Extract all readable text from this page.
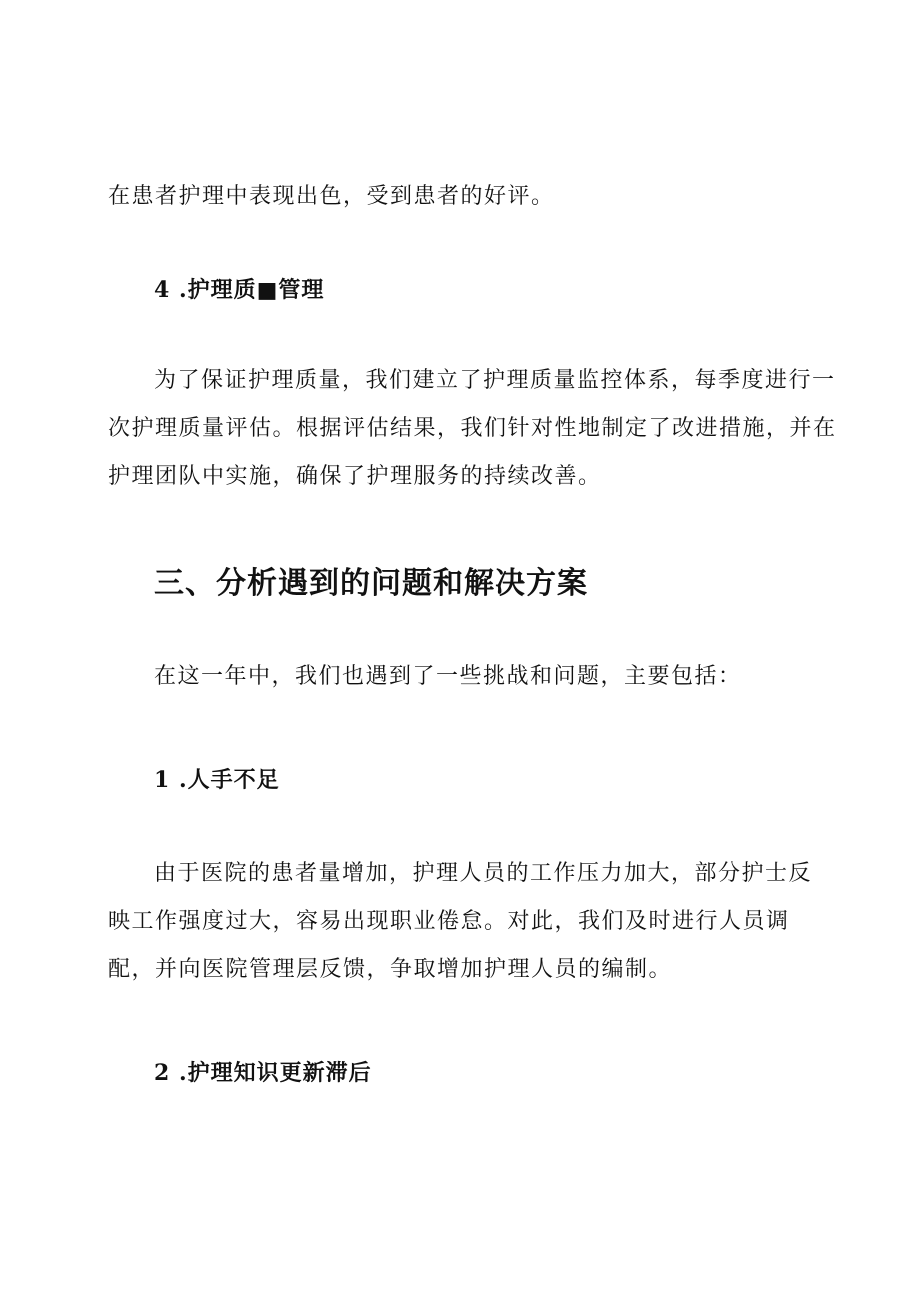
在患者护理中表现出色，受到患者的好评。

4 .护理质■管理

为了保证护理质量，我们建立了护理质量监控体系，每季度进行一

次护理质量评估。根据评估结果，我们针对性地制定了改进措施，并在

护理团队中实施，确保了护理服务的持续改善。

三、分析遇到的问题和解决方案

在这一年中，我们也遇到了一些挑战和问题，主要包括：

1 .人手不足

由于医院的患者量增加，护理人员的工作压力加大，部分护士反

映工作强度过大，容易出现职业倦怠。对此，我们及时进行人员调

配，并向医院管理层反馈，争取增加护理人员的编制。

2 .护理知识更新滞后
